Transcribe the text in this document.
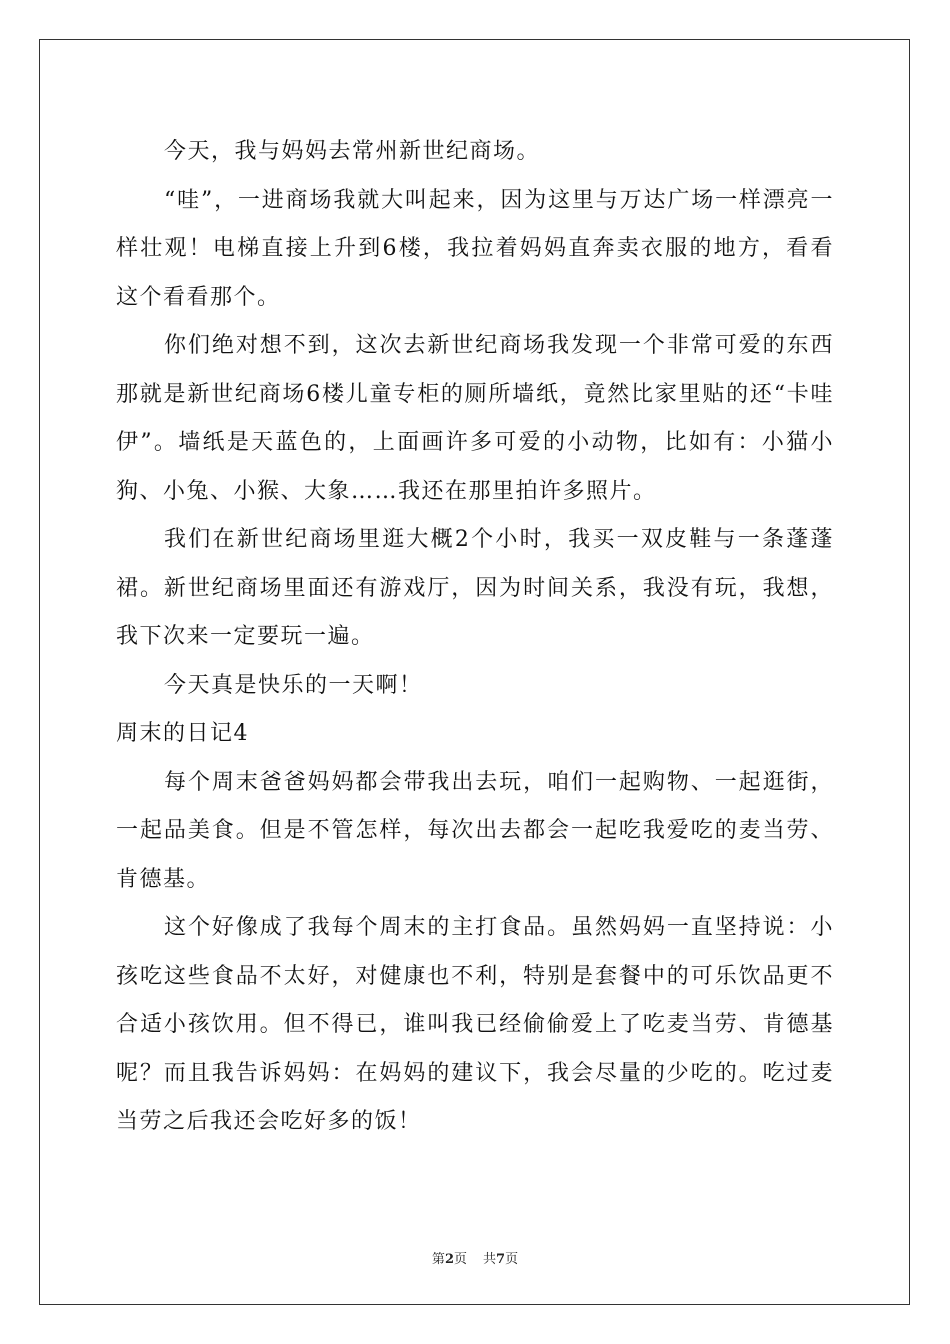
今天，我与妈妈去常州新世纪商场。

“哇”，一进商场我就大叫起来，因为这里与万达广场一样漂亮一样壮观！电梯直接上升到6楼，我拉着妈妈直奔卖衣服的地方，看看这个看看那个。

你们绝对想不到，这次去新世纪商场我发现一个非常可爱的东西那就是新世纪商场6楼儿童专柜的厕所墙纸，竟然比家里贴的还“卡哇伊”。墙纸是天蓝色的，上面画许多可爱的小动物，比如有：小猫小狗、小兔、小猴、大象……我还在那里拍许多照片。

我们在新世纪商场里逛大概2个小时，我买一双皮鞋与一条蓬蓬裙。新世纪商场里面还有游戏厅，因为时间关系，我没有玩，我想，我下次来一定要玩一遍。

今天真是快乐的一天啊！

周末的日记4

每个周末爸爸妈妈都会带我出去玩，咱们一起购物、一起逛街，一起品美食。但是不管怎样，每次出去都会一起吃我爱吃的麦当劳、肯德基。

这个好像成了我每个周末的主打食品。虽然妈妈一直坚持说：小孩吃这些食品不太好，对健康也不利，特别是套餐中的可乐饮品更不合适小孩饮用。但不得已，谁叫我已经偷偷爱上了吃麦当劳、肯德基呢？而且我告诉妈妈：在妈妈的建议下，我会尽量的少吃的。吃过麦当劳之后我还会吃好多的饭！

第2页 共7页
